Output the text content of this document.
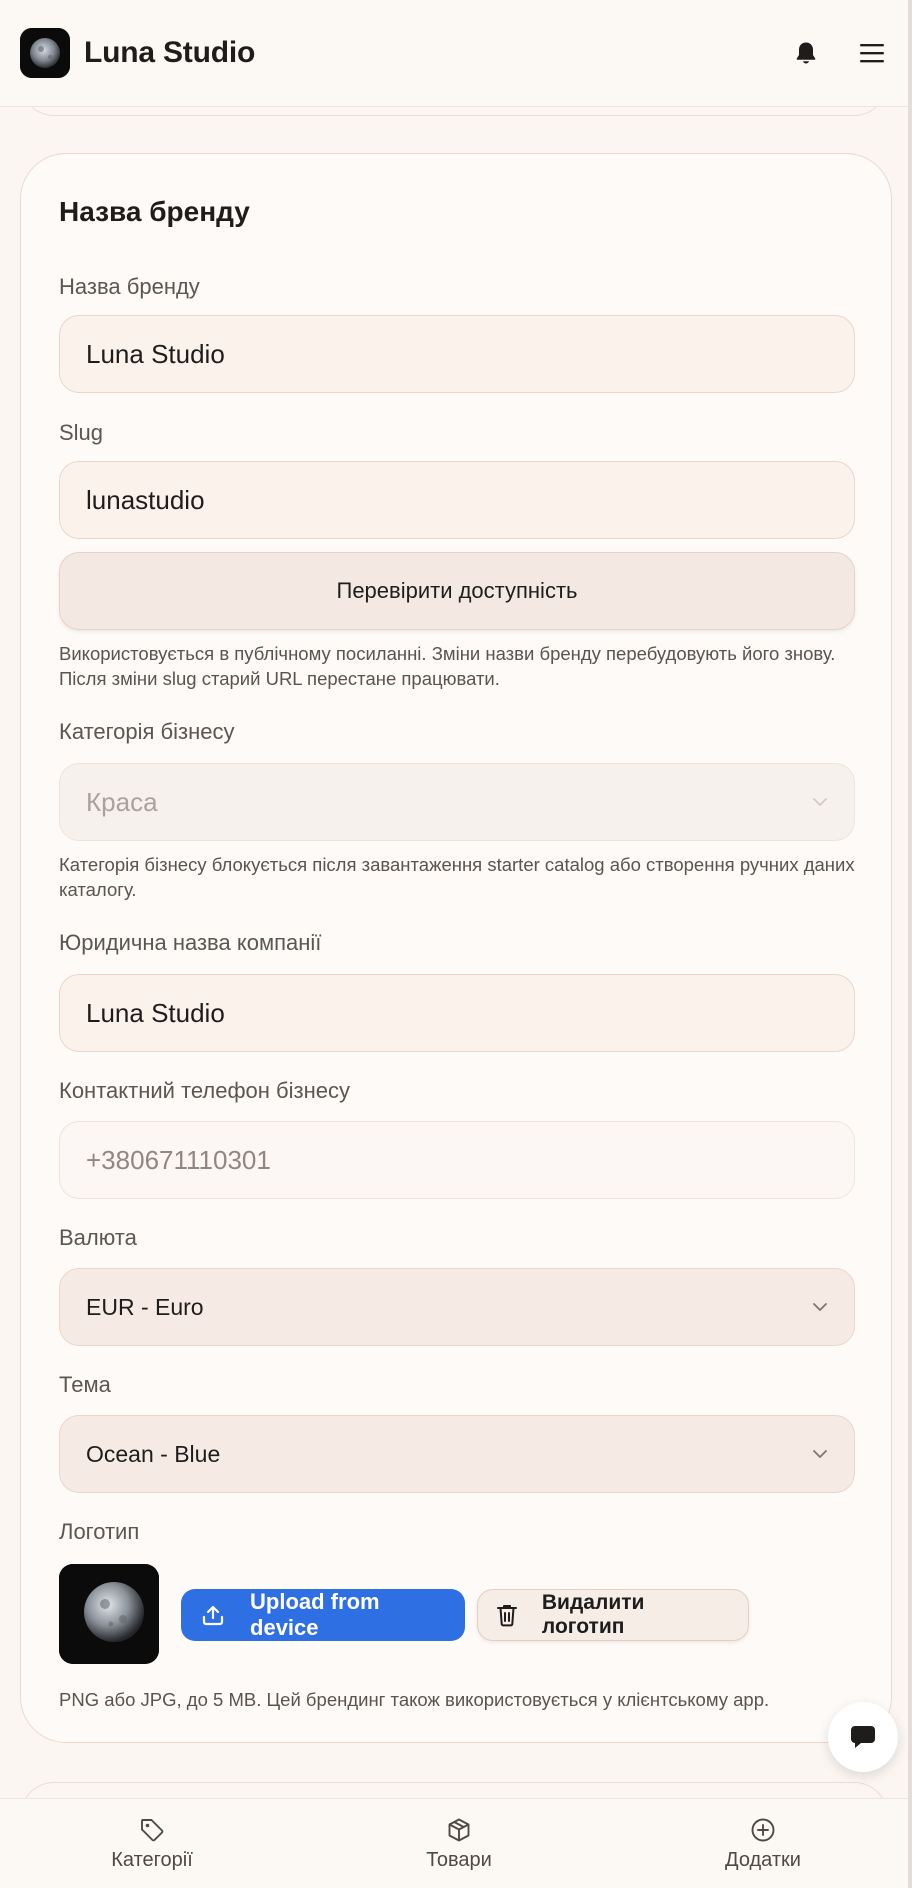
Luna Studio
Назва бренду
Назва бренду
Luna Studio
Slug
lunastudio
Перевірити доступність
Використовується в публічному посиланні. Зміни назви бренду перебудовують його знову. Після зміни slug старий URL перестане працювати.
Категорія бізнесу
Краса
Категорія бізнесу блокується після завантаження starter catalog або створення ручних даних каталогу.
Юридична назва компанії
Luna Studio
Контактний телефон бізнесу
+380671110301
Валюта
EUR - Euro
Тема
Ocean - Blue
Логотип
Upload from device
Видалити логотип
PNG або JPG, до 5 MB. Цей брендинг також використовується у клієнтському app.
Категорії	Товари	Додатки
